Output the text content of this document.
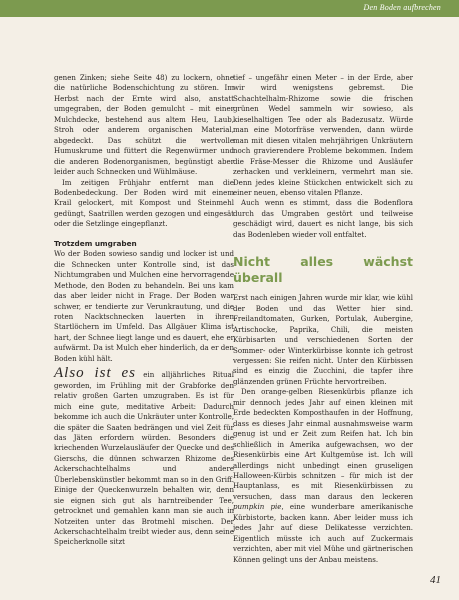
Den Boden aufbrechen

genen Zinken; siehe Seite 48) zu lockern, ohne die natürliche Bodenschichtung zu stören. Im Herbst nach der Ernte wird also, anstatt umgegraben, der Boden gemulcht – mit einer Mulchdecke, bestehend aus altem Heu, Laub, Stroh oder anderem organischen Material, abgedeckt. Das schützt die wertvolle Humuskrume und füttert die Regenwürmer und die anderen Bodenorganismen, begünstigt aber leider auch Schnecken und Wühlmäuse.

Im zeitigen Frühjahr entfernt man die Bodenbedeckung. Der Boden wird mit einem Krail gelockert, mit Kompost und Steinmehl gedüngt, Saatrillen werden gezogen und eingesät oder die Setzlinge eingepflanzt.

Trotzdem umgraben

Wo der Boden sowieso sandig und locker ist und die Schnecken unter Kontrolle sind, ist das Nichtumgraben und Mulchen eine hervorragende Methode, den Boden zu behandeln. Bei uns kam das aber leider nicht in Frage. Der Boden war schwer, er tendierte zur Verunkrautung, und die roten Nacktschnecken lauerten in ihren Startlöchern im Umfeld. Das Allgäuer Klima ist hart, der Schnee liegt lange und es dauert, ehe er aufwärmt. Da ist Mulch eher hinderlich, da er den Boden kühl hält.

Also ist es ein alljährliches Ritual geworden, im Frühling mit der Grabforke den relativ großen Garten umzugraben. Es ist für mich eine gute, meditative Arbeit: Dadurch bekomme ich auch die Unkräuter unter Kontrolle, die später die Saaten bedrängen und viel Zeit für das Jäten erfordern würden. Besonders die kriechenden Wurzelausläufer der Quecke und des Gierschs, die dünnen schwarzen Rhizome des Ackerschachtelhalms und andere Überlebenskünstler bekommt man so in den Griff. Einige der Queckenwurzeln behalten wir, denn sie eignen sich gut als harntreibender Tee, getrocknet und gemahlen kann man sie auch in Notzeiten unter das Brotmehl mischen. Der Ackerschachtelhalm treibt wieder aus, denn seine Speicherknolle sitzt

tief – ungefähr einen Meter – in der Erde, aber wir wird wenigstens gebremst. Die Schachtelhalm-Rhizome sowie die frischen grünen Wedel sammeln wir sowieso, als kieselhaltigen Tee oder als Badezusatz. Würde man eine Motorfräse verwenden, dann würde man mit diesen vitalen mehrjährigen Unkräutern noch gravierendere Probleme bekommen. Indem die Fräse-Messer die Rhizome und Ausläufer zerhacken und verkleinern, vermehrt man sie. Denn jedes kleine Stückchen entwickelt sich zu einer neuen, ebenso vitalen Pflanze.

Auch wenn es stimmt, dass die Bodenflora durch das Umgraben gestört und teilweise geschädigt wird, dauert es nicht lange, bis sich das Bodenleben wieder voll entfaltet.

Nicht alles wächst überall

Erst nach einigen Jahren wurde mir klar, wie kühl der Boden und das Wetter hier sind. Freilandtomaten, Gurken, Portulak, Aubergine, Artischocke, Paprika, Chili, die meisten Kürbisarten und verschiedenen Sorten der Sommer- oder Winterkürbisse konnte ich getrost vergessen: Sie reifen nicht. Unter den Kürbissen sind es einzig die Zucchini, die tapfer ihre glänzenden grünen Früchte hervortreiben.

Den orange-gelben Riesenkürbis pflanze ich mir dennoch jedes Jahr auf einen kleinen mit Erde bedeckten Komposthaufen in der Hoffnung, dass es dieses Jahr einmal ausnahmsweise warm genug ist und er Zeit zum Reifen hat. Ich bin schließlich in Amerika aufgewachsen, wo der Riesenkürbis eine Art Kultgemüse ist. Ich will allerdings nicht unbedingt einen gruseligen Halloween-Kürbis schnitzen – für mich ist der Hauptanlass, es mit Riesenkürbissen zu versuchen, dass man daraus den leckeren pumpkin pie, eine wunderbare amerikanische Kürbistorte, backen kann. Aber leider muss ich jedes Jahr auf diese Delikatesse verzichten. Eigentlich müsste ich auch auf Zuckermais verzichten, aber mit viel Mühe und gärtnerischen Können gelingt uns der Anbau meistens.

41
